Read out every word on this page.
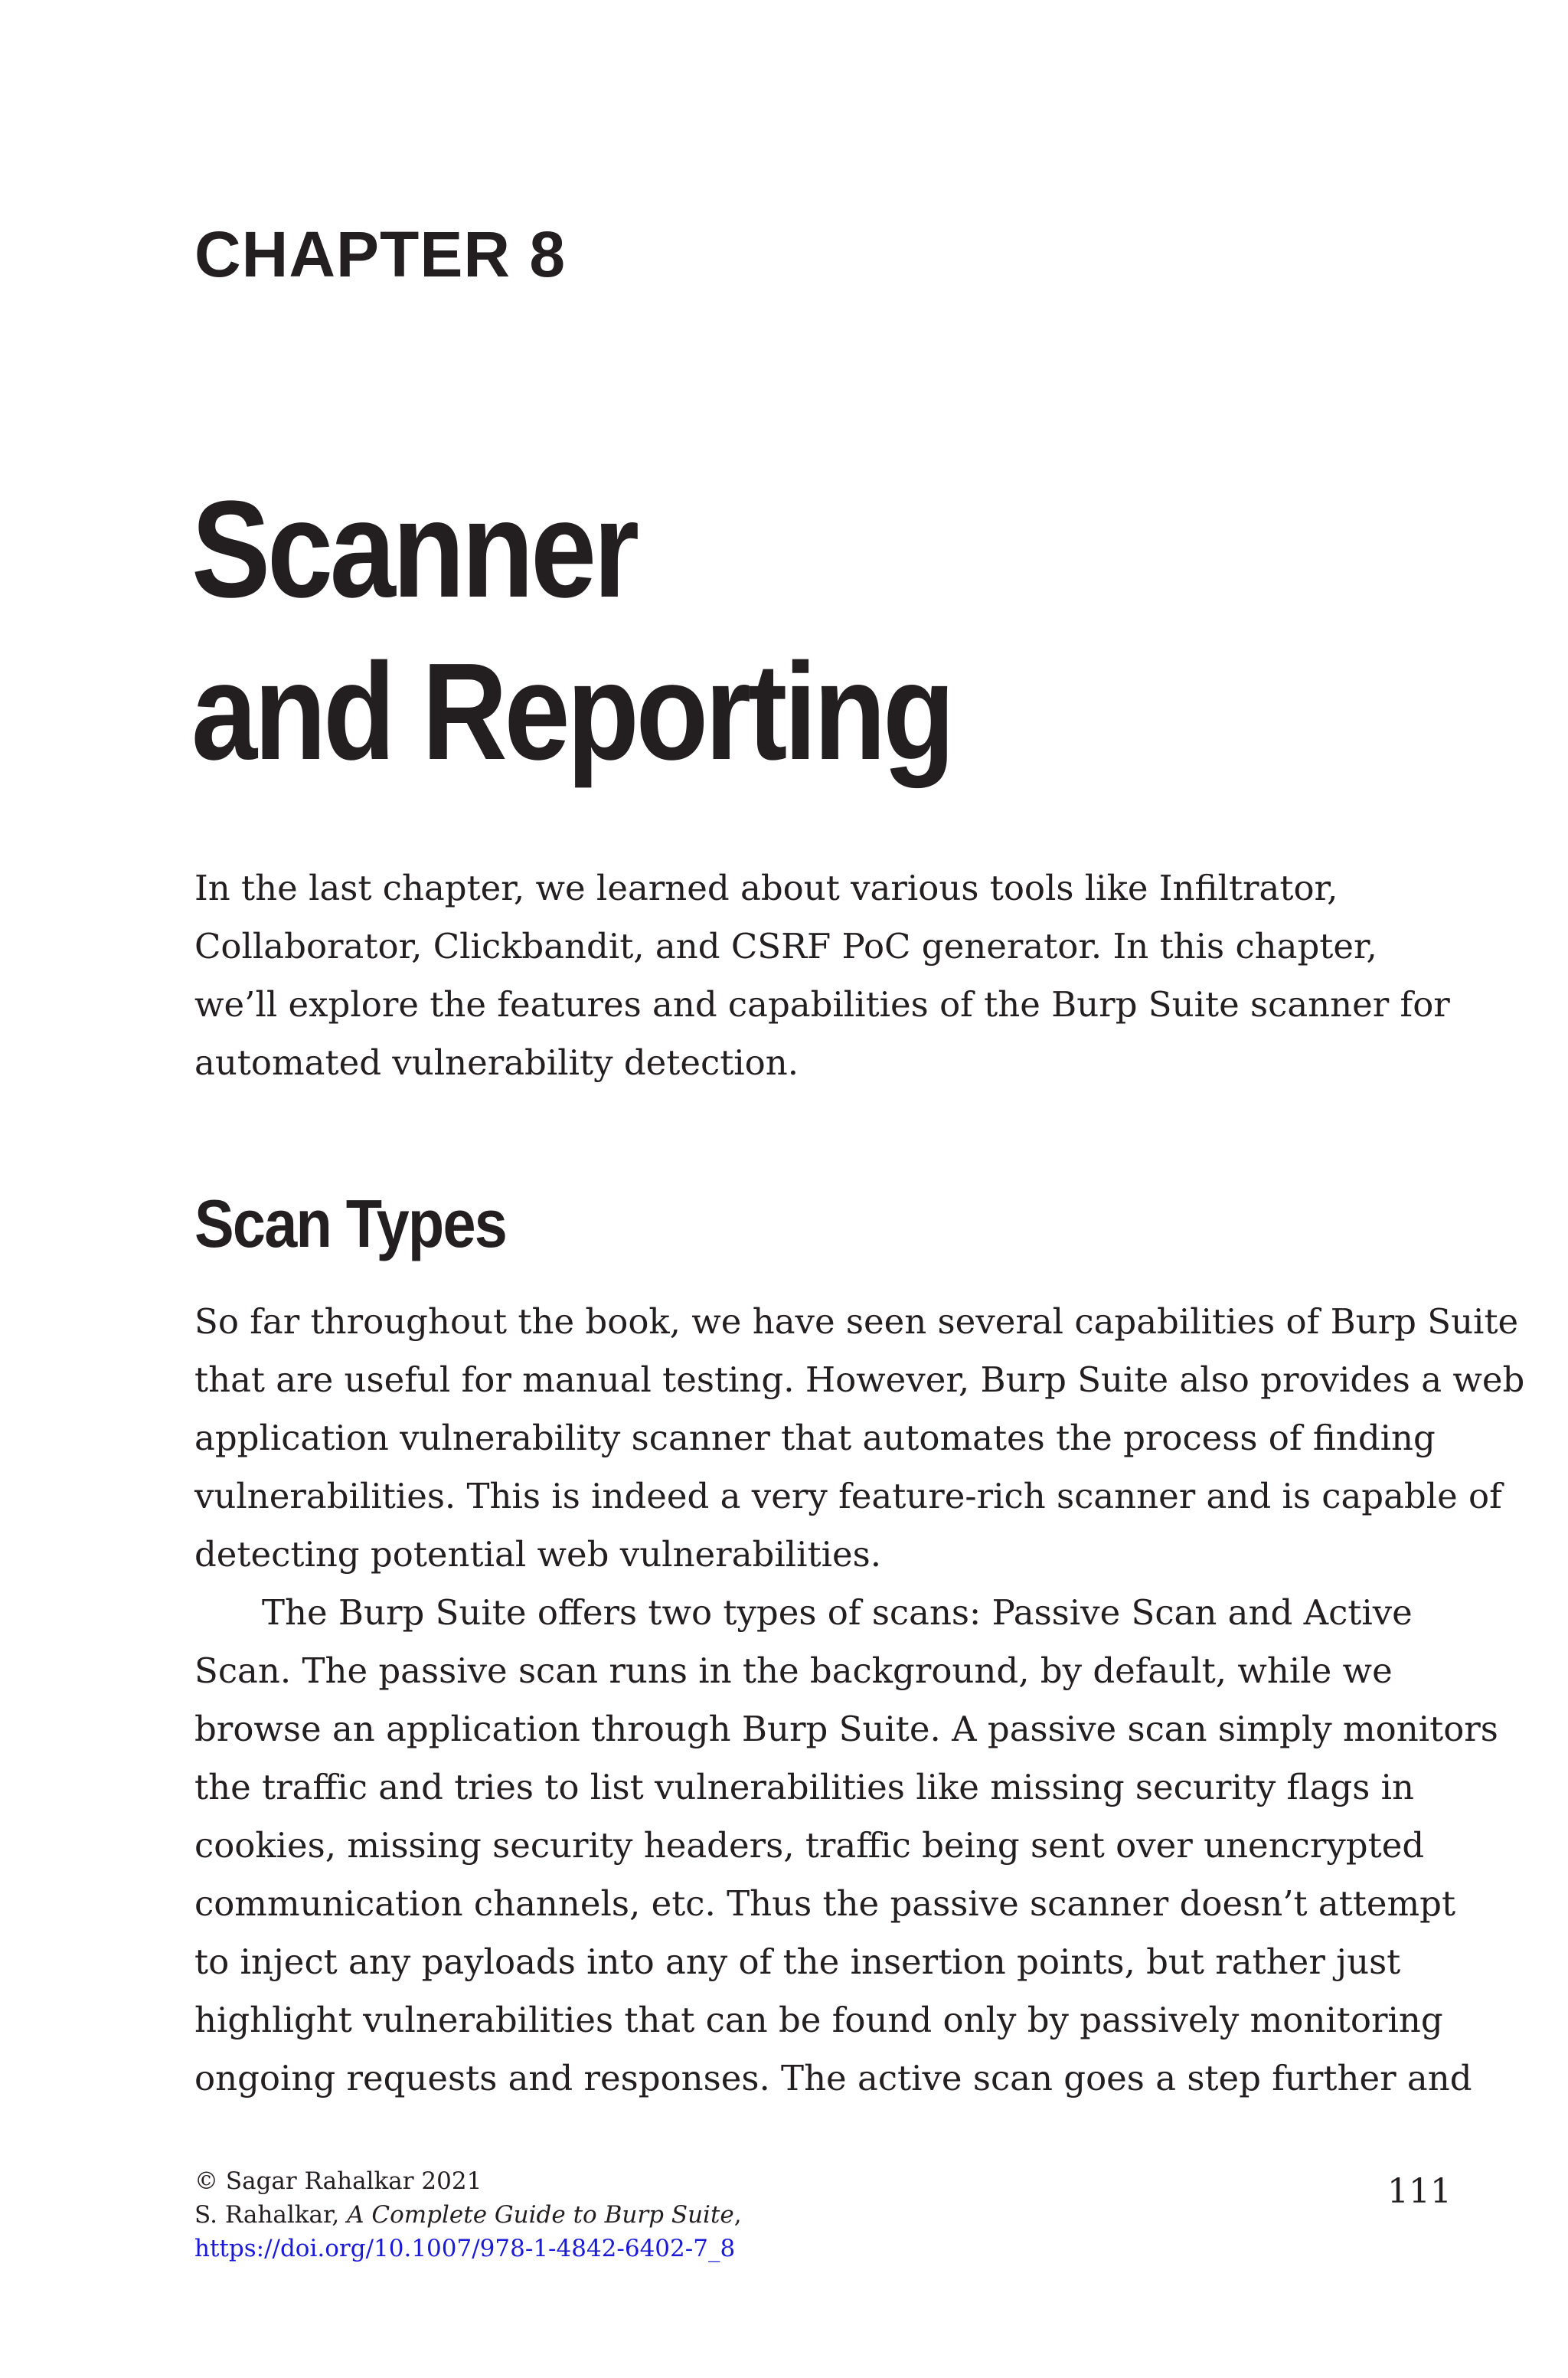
CHAPTER 8
Scanner
and Reporting

In the last chapter, we learned about various tools like Infiltrator,
Collaborator, Clickbandit, and CSRF PoC generator. In this chapter,
we’ll explore the features and capabilities of the Burp Suite scanner for
automated vulnerability detection.

Scan Types

So far throughout the book, we have seen several capabilities of Burp Suite
that are useful for manual testing. However, Burp Suite also provides a web
application vulnerability scanner that automates the process of finding
vulnerabilities. This is indeed a very feature-rich scanner and is capable of
detecting potential web vulnerabilities.

The Burp Suite offers two types of scans: Passive Scan and Active
Scan. The passive scan runs in the background, by default, while we
browse an application through Burp Suite. A passive scan simply monitors
the traffic and tries to list vulnerabilities like missing security flags in
cookies, missing security headers, traffic being sent over unencrypted
communication channels, etc. Thus the passive scanner doesn’t attempt
to inject any payloads into any of the insertion points, but rather just
highlight vulnerabilities that can be found only by passively monitoring
ongoing requests and responses. The active scan goes a step further and

© Sagar Rahalkar 2021
S. Rahalkar, A Complete Guide to Burp Suite,
https://doi.org/10.1007/978-1-4842-6402-7_8
111
